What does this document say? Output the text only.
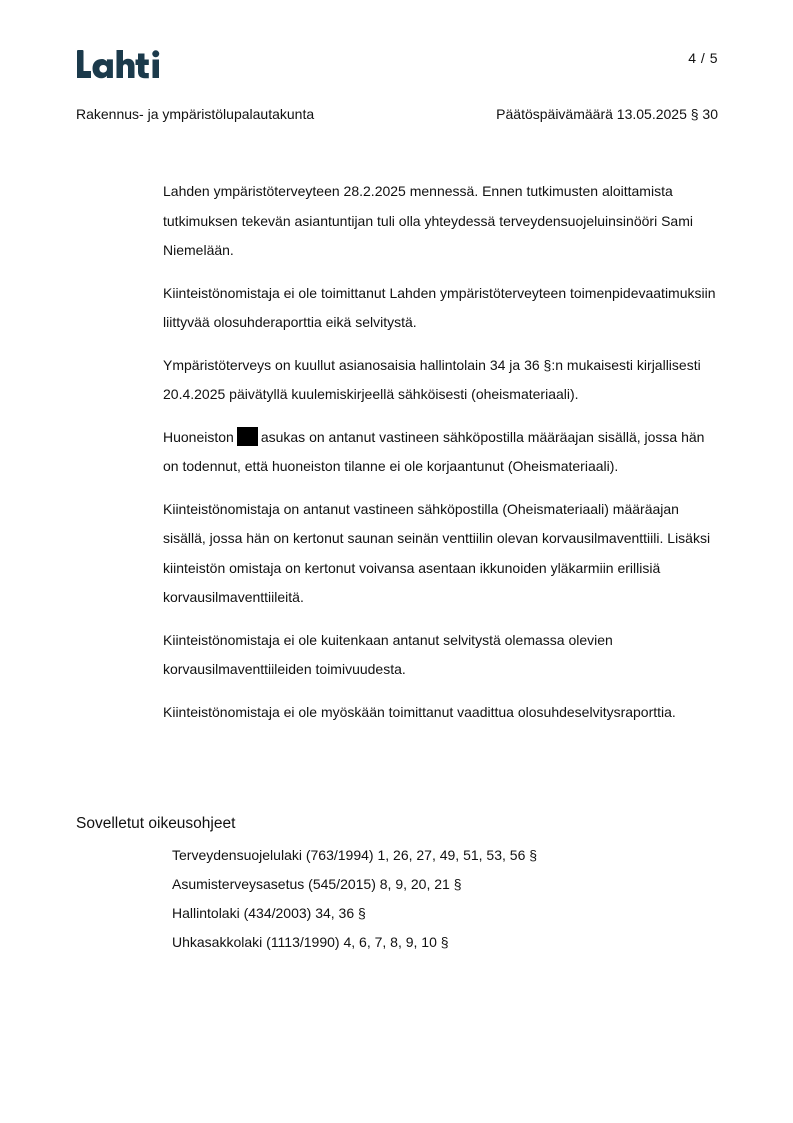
4 / 5
Rakennus- ja ympäristölupalautakunta	Päätöspäivämäärä 13.05.2025 § 30

Lahden ympäristöterveyteen 28.2.2025 mennessä. Ennen tutkimusten aloittamista tutkimuksen tekevän asiantuntijan tuli olla yhteydessä terveydensuojeluinsinööri Sami Niemelään.

Kiinteistönomistaja ei ole toimittanut Lahden ympäristöterveyteen toimenpidevaatimuksiin liittyvää olosuhderaporttia eikä selvitystä.

Ympäristöterveys on kuullut asianosaisia hallintolain 34 ja 36 §:n mukaisesti kirjallisesti 20.4.2025 päivätyllä kuulemiskirjeellä sähköisesti (oheismateriaali).

Huoneiston asukas on antanut vastineen sähköpostilla määräajan sisällä, jossa hän on todennut, että huoneiston tilanne ei ole korjaantunut (Oheismateriaali).

Kiinteistönomistaja on antanut vastineen sähköpostilla (Oheismateriaali) määräajan sisällä, jossa hän on kertonut saunan seinän venttiilin olevan korvausilmaventtiili. Lisäksi kiinteistön omistaja on kertonut voivansa asentaan ikkunoiden yläkarmiin erillisiä korvausilmaventtiileitä.

Kiinteistönomistaja ei ole kuitenkaan antanut selvitystä olemassa olevien korvausilmaventtiileiden toimivuudesta.

Kiinteistönomistaja ei ole myöskään toimittanut vaadittua olosuhdeselvitysraporttia.

Sovelletut oikeusohjeet
Terveydensuojelulaki (763/1994) 1, 26, 27, 49, 51, 53, 56 §
Asumisterveysasetus (545/2015) 8, 9, 20, 21 §
Hallintolaki (434/2003) 34, 36 §
Uhkasakkolaki (1113/1990) 4, 6, 7, 8, 9, 10 §
